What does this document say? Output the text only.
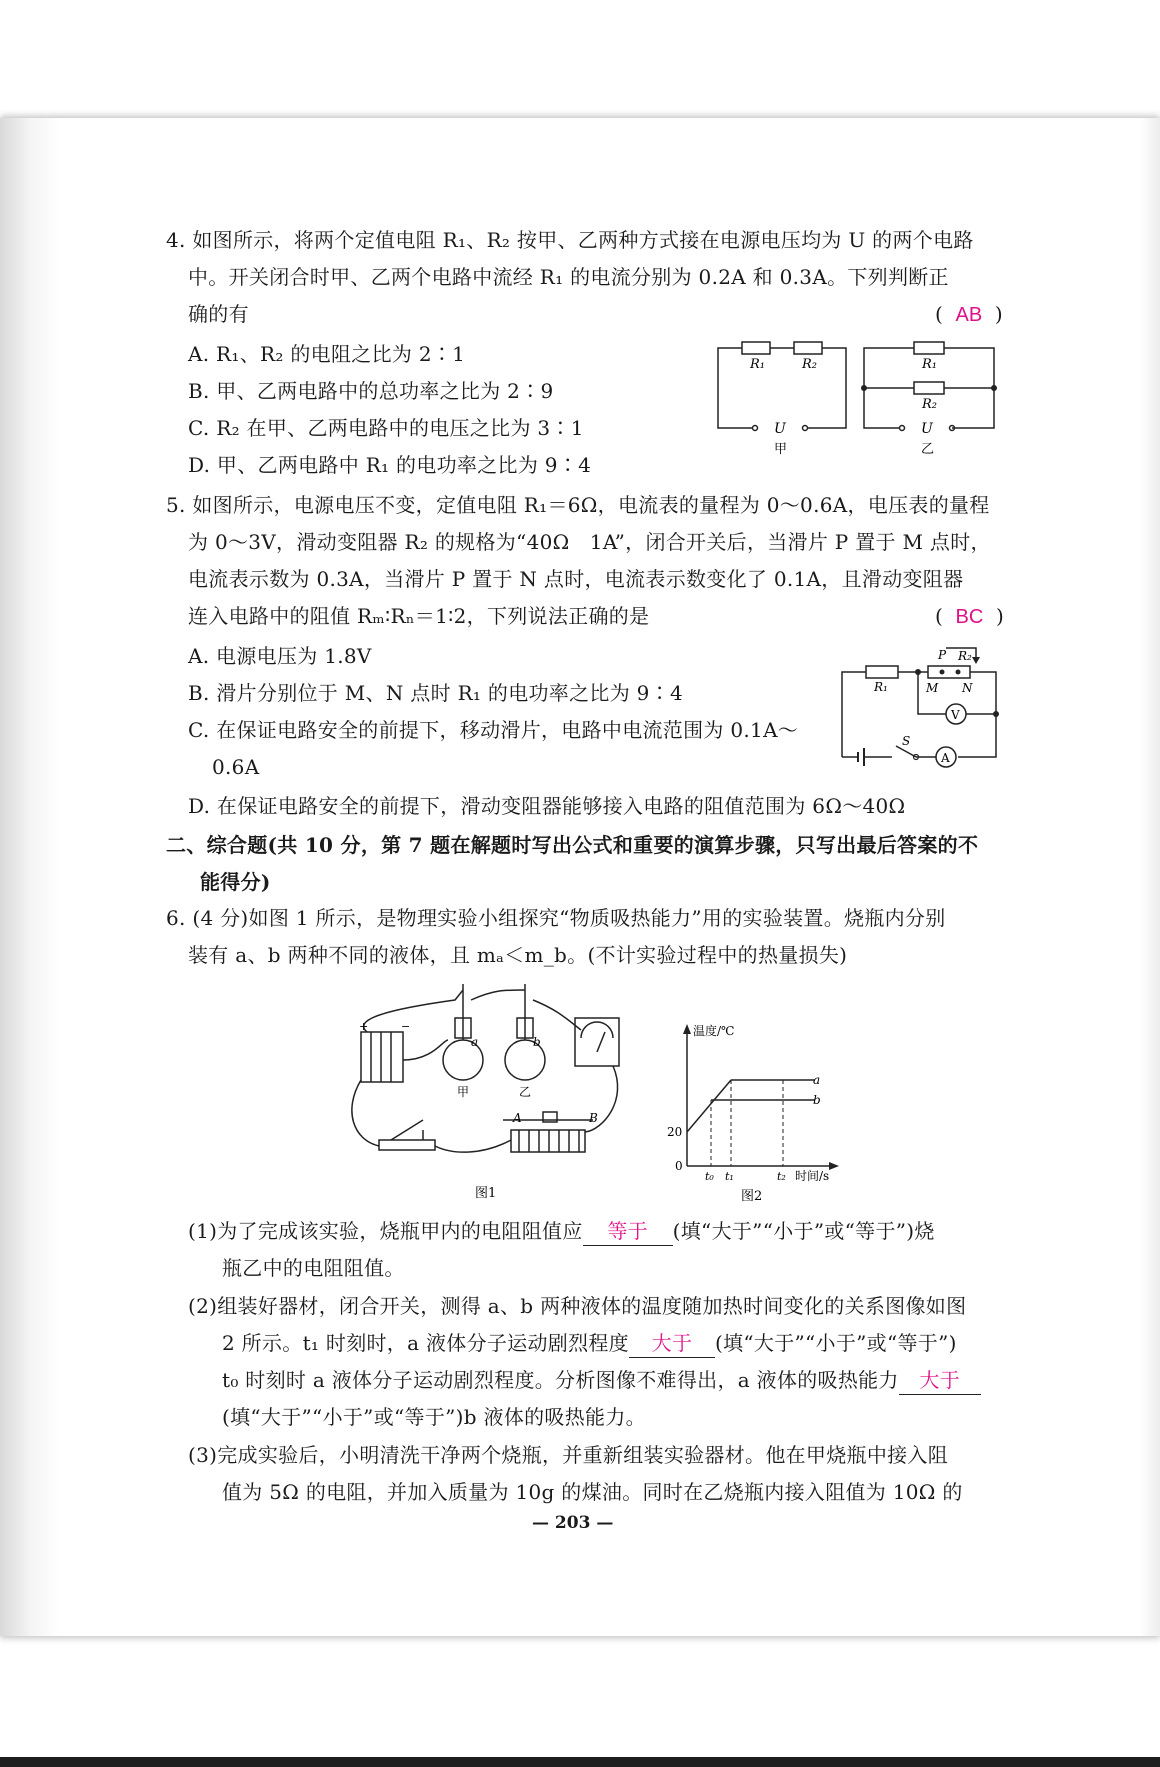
4. 如图所示，将两个定值电阻 R₁、R₂ 按甲、乙两种方式接在电源电压均为 U 的两个电路
中。开关闭合时甲、乙两个电路中流经 R₁ 的电流分别为 0.2A 和 0.3A。下列判断正
确的有	(  AB  )
A. R₁、R₂ 的电阻之比为 2∶1
B. 甲、乙两电路中的总功率之比为 2∶9
C. R₂ 在甲、乙两电路中的电压之比为 3∶1
D. 甲、乙两电路中 R₁ 的电功率之比为 9∶4
R₁	R₂
U
甲
R₁
R₂
U
乙
5. 如图所示，电源电压不变，定值电阻 R₁＝6Ω，电流表的量程为 0～0.6A，电压表的量程
为 0～3V，滑动变阻器 R₂ 的规格为“40Ω　1A”，闭合开关后，当滑片 P 置于 M 点时，
电流表示数为 0.3A，当滑片 P 置于 N 点时，电流表示数变化了 0.1A，且滑动变阻器
连入电路中的阻值 Rₘ∶Rₙ＝1∶2，下列说法正确的是	(  BC  )
A. 电源电压为 1.8V
B. 滑片分别位于 M、N 点时 R₁ 的电功率之比为 9∶4
C. 在保证电路安全的前提下，移动滑片，电路中电流范围为 0.1A～
0.6A
D. 在保证电路安全的前提下，滑动变阻器能够接入电路的阻值范围为 6Ω～40Ω
R₁
R₂
P
M N
S
V
A
二、综合题(共 10 分，第 7 题在解题时写出公式和重要的演算步骤，只写出最后答案的不
能得分)
6. (4 分)如图 1 所示，是物理实验小组探究“物质吸热能力”用的实验装置。烧瓶内分别
装有 a、b 两种不同的液体，且 mₐ＜m_b。(不计实验过程中的热量损失)
a	b
甲	乙
A	B
+	−
图1
温度/℃
时间/s
20
0
t₀ t₁	t₂
a
b
图2
(1)为了完成该实验，烧瓶甲内的电阻阻值应 等于 (填“大于”“小于”或“等于”)烧
瓶乙中的电阻阻值。
(2)组装好器材，闭合开关，测得 a、b 两种液体的温度随加热时间变化的关系图像如图
2 所示。t₁ 时刻时，a 液体分子运动剧烈程度 大于 (填“大于”“小于”或“等于”)
t₀ 时刻时 a 液体分子运动剧烈程度。分析图像不难得出，a 液体的吸热能力 大于
(填“大于”“小于”或“等于”)b 液体的吸热能力。
(3)完成实验后，小明清洗干净两个烧瓶，并重新组装实验器材。他在甲烧瓶中接入阻
值为 5Ω 的电阻，并加入质量为 10g 的煤油。同时在乙烧瓶内接入阻值为 10Ω 的
— 203 —
